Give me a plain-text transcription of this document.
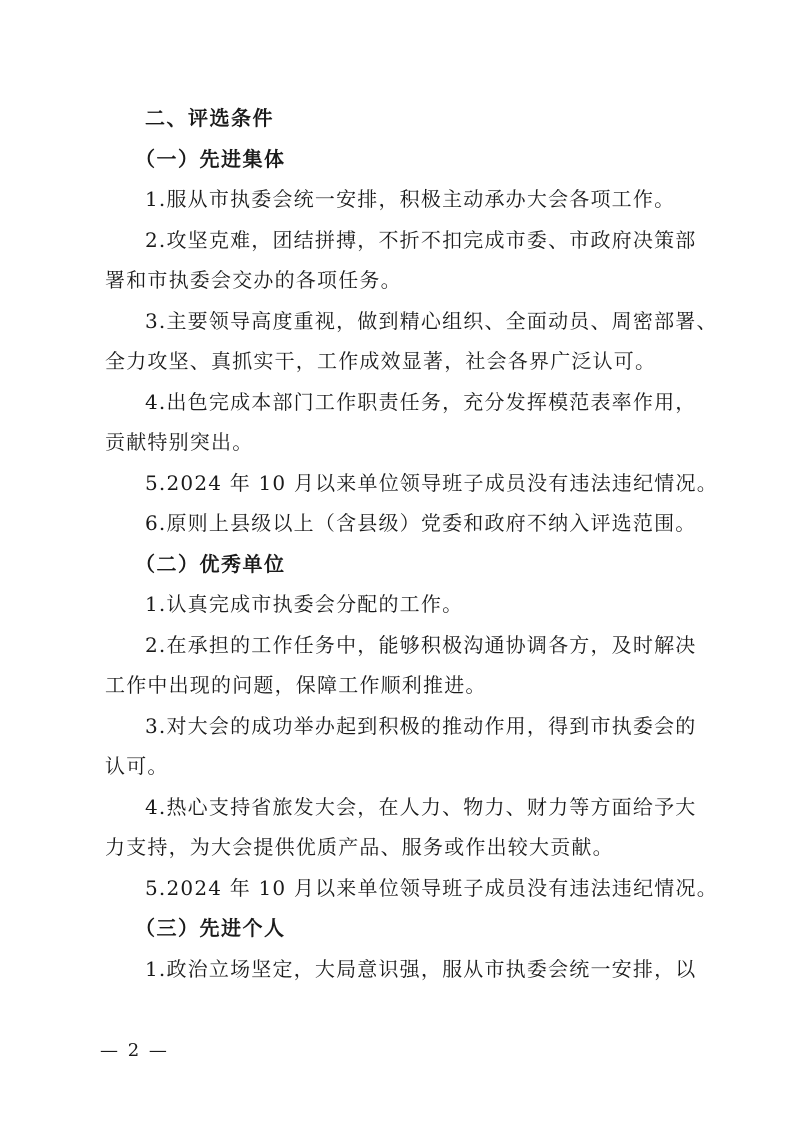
二、评选条件
（一）先进集体
1.服从市执委会统一安排，积极主动承办大会各项工作。
2.攻坚克难，团结拼搏，不折不扣完成市委、市政府决策部
署和市执委会交办的各项任务。
3.主要领导高度重视，做到精心组织、全面动员、周密部署、
全力攻坚、真抓实干，工作成效显著，社会各界广泛认可。
4.出色完成本部门工作职责任务，充分发挥模范表率作用，
贡献特别突出。
5.2024 年 10 月以来单位领导班子成员没有违法违纪情况。
6.原则上县级以上（含县级）党委和政府不纳入评选范围。
（二）优秀单位
1.认真完成市执委会分配的工作。
2.在承担的工作任务中，能够积极沟通协调各方，及时解决
工作中出现的问题，保障工作顺利推进。
3.对大会的成功举办起到积极的推动作用，得到市执委会的
认可。
4.热心支持省旅发大会，在人力、物力、财力等方面给予大
力支持，为大会提供优质产品、服务或作出较大贡献。
5.2024 年 10 月以来单位领导班子成员没有违法违纪情况。
（三）先进个人
1.政治立场坚定，大局意识强，服从市执委会统一安排，以
— 2 —
